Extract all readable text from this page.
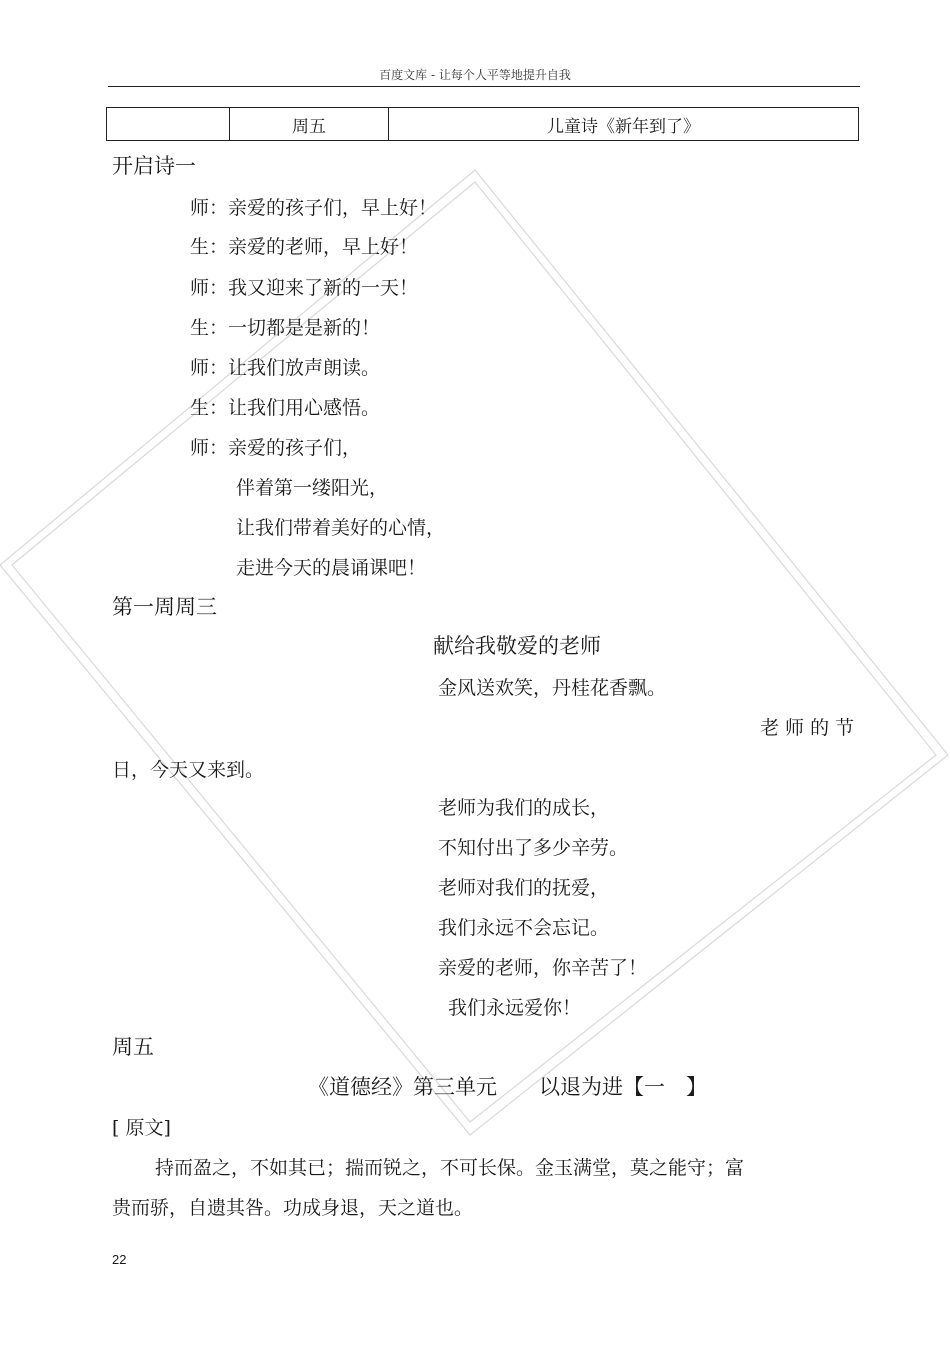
百度文库 - 让每个人平等地提升自我
	周五	儿童诗《新年到了》
开启诗一
师：亲爱的孩子们，早上好！
生：亲爱的老师，早上好！
师：我又迎来了新的一天！
生：一切都是是新的！
师：让我们放声朗读。
生：让我们用心感悟。
师：亲爱的孩子们，
伴着第一缕阳光，
让我们带着美好的心情，
走进今天的晨诵课吧！
第一周周三
献给我敬爱的老师
金风送欢笑，丹桂花香飘。
老 师 的 节
日，今天又来到。
老师为我们的成长，
不知付出了多少辛劳。
老师对我们的抚爱，
我们永远不会忘记。
亲爱的老师，你辛苦了！
我们永远爱你！
周五
《道德经》第三单元　　以退为进【一　】
[ 原文]
持而盈之，不如其已；揣而锐之，不可长保。金玉满堂，莫之能守；富
贵而骄，自遗其咎。功成身退，天之道也。
22
